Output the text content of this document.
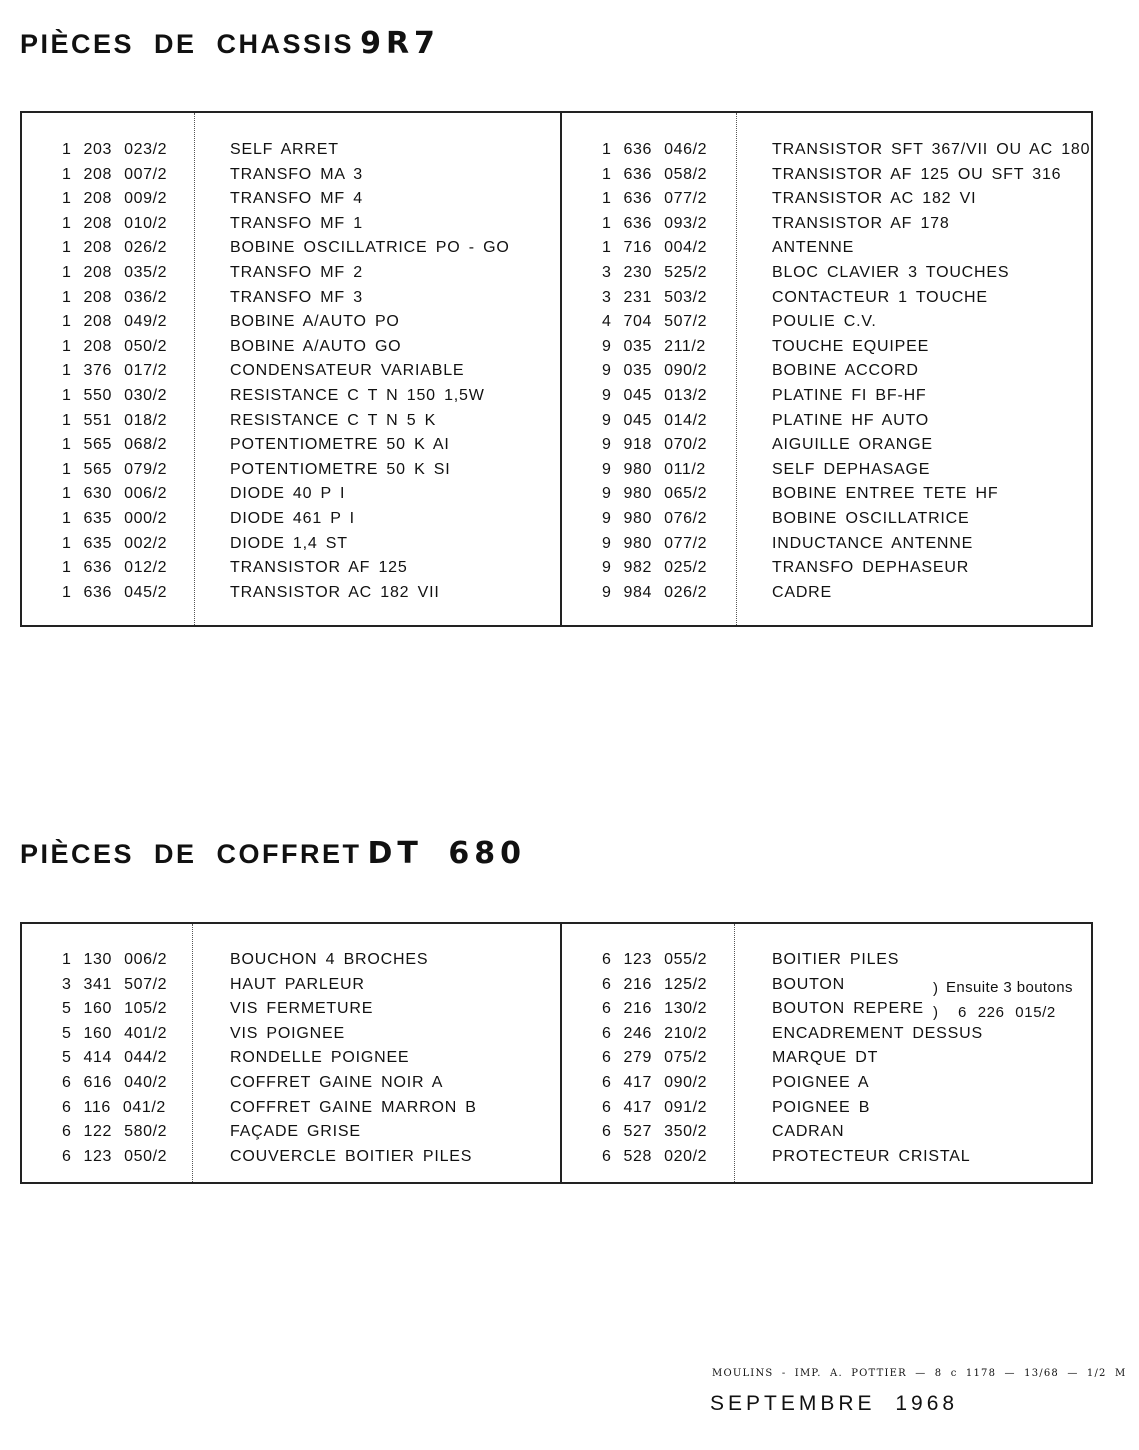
PIÈCES DE CHASSIS 9R7
1 203 023/2	SELF ARRET
1 208 007/2	TRANSFO MA 3
1 208 009/2	TRANSFO MF 4
1 208 010/2	TRANSFO MF 1
1 208 026/2	BOBINE OSCILLATRICE PO - GO
1 208 035/2	TRANSFO MF 2
1 208 036/2	TRANSFO MF 3
1 208 049/2	BOBINE A/AUTO PO
1 208 050/2	BOBINE A/AUTO GO
1 376 017/2	CONDENSATEUR VARIABLE
1 550 030/2	RESISTANCE C T N 150 1,5W
1 551 018/2	RESISTANCE C T N 5 K
1 565 068/2	POTENTIOMETRE 50 K AI
1 565 079/2	POTENTIOMETRE 50 K SI
1 630 006/2	DIODE 40 P I
1 635 000/2	DIODE 461 P I
1 635 002/2	DIODE 1,4 ST
1 636 012/2	TRANSISTOR AF 125
1 636 045/2	TRANSISTOR AC 182 VII
1 636 046/2	TRANSISTOR SFT 367/VII OU AC 180
1 636 058/2	TRANSISTOR AF 125 OU SFT 316
1 636 077/2	TRANSISTOR AC 182 VI
1 636 093/2	TRANSISTOR AF 178
1 716 004/2	ANTENNE
3 230 525/2	BLOC CLAVIER 3 TOUCHES
3 231 503/2	CONTACTEUR 1 TOUCHE
4 704 507/2	POULIE C.V.
9 035 211/2	TOUCHE EQUIPEE
9 035 090/2	BOBINE ACCORD
9 045 013/2	PLATINE FI BF-HF
9 045 014/2	PLATINE HF AUTO
9 918 070/2	AIGUILLE ORANGE
9 980 011/2	SELF DEPHASAGE
9 980 065/2	BOBINE ENTREE TETE HF
9 980 076/2	BOBINE OSCILLATRICE
9 980 077/2	INDUCTANCE ANTENNE
9 982 025/2	TRANSFO DEPHASEUR
9 984 026/2	CADRE
PIÈCES DE COFFRET DT 680
1 130 006/2	BOUCHON 4 BROCHES
3 341 507/2	HAUT PARLEUR
5 160 105/2	VIS FERMETURE
5 160 401/2	VIS POIGNEE
5 414 044/2	RONDELLE POIGNEE
6 616 040/2	COFFRET GAINE NOIR A
6 116 041/2	COFFRET GAINE MARRON B
6 122 580/2	FAÇADE GRISE
6 123 050/2	COUVERCLE BOITIER PILES
6 123 055/2	BOITIER PILES
6 216 125/2	BOUTON
6 216 130/2	BOUTON REPERE
6 246 210/2	ENCADREMENT DESSUS
6 279 075/2	MARQUE DT
6 417 090/2	POIGNEE A
6 417 091/2	POIGNEE B
6 527 350/2	CADRAN
6 528 020/2	PROTECTEUR CRISTAL
)
)
Ensuite 3 boutons
6 226 015/2
MOULINS - IMP. A. POTTIER — 8 c 1178 — 13/68 — 1/2 M
SEPTEMBRE 1968
